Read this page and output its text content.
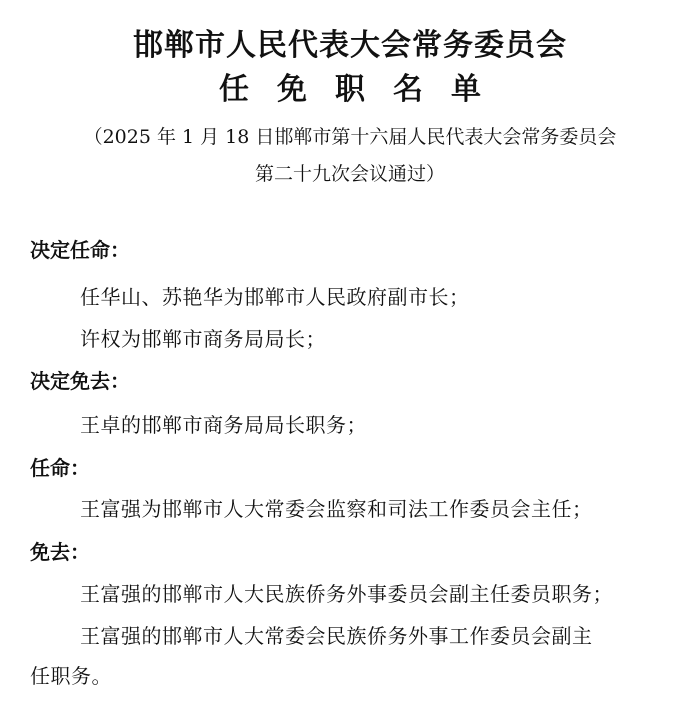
邯郸市人民代表大会常务委员会
任免职名单
（2025 年 1 月 18 日邯郸市第十六届人民代表大会常务委员会
第二十九次会议通过）
决定任命：
任华山、苏艳华为邯郸市人民政府副市长；
许权为邯郸市商务局局长；
决定免去：
王卓的邯郸市商务局局长职务；
任命：
王富强为邯郸市人大常委会监察和司法工作委员会主任；
免去：
王富强的邯郸市人大民族侨务外事委员会副主任委员职务；
王富强的邯郸市人大常委会民族侨务外事工作委员会副主
任职务。
